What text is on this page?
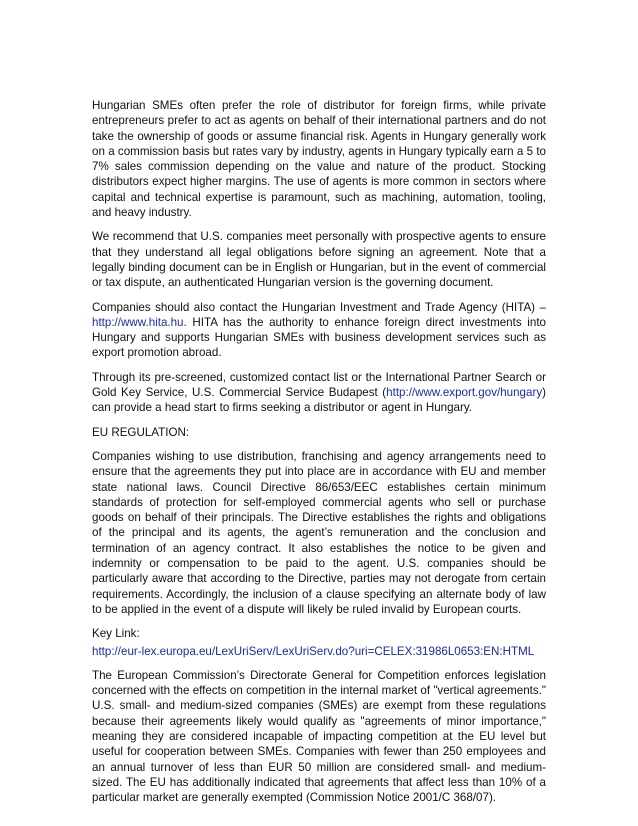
Hungarian SMEs often prefer the role of distributor for foreign firms, while private entrepreneurs prefer to act as agents on behalf of their international partners and do not take the ownership of goods or assume financial risk. Agents in Hungary generally work on a commission basis but rates vary by industry, agents in Hungary typically earn a 5 to 7% sales commission depending on the value and nature of the product. Stocking distributors expect higher margins. The use of agents is more common in sectors where capital and technical expertise is paramount, such as machining, automation, tooling, and heavy industry.

We recommend that U.S. companies meet personally with prospective agents to ensure that they understand all legal obligations before signing an agreement. Note that a legally binding document can be in English or Hungarian, but in the event of commercial or tax dispute, an authenticated Hungarian version is the governing document.

Companies should also contact the Hungarian Investment and Trade Agency (HITA) – http://www.hita.hu. HITA has the authority to enhance foreign direct investments into Hungary and supports Hungarian SMEs with business development services such as export promotion abroad.

Through its pre-screened, customized contact list or the International Partner Search or Gold Key Service, U.S. Commercial Service Budapest (http://www.export.gov/hungary) can provide a head start to firms seeking a distributor or agent in Hungary.

EU REGULATION:

Companies wishing to use distribution, franchising and agency arrangements need to ensure that the agreements they put into place are in accordance with EU and member state national laws. Council Directive 86/653/EEC establishes certain minimum standards of protection for self-employed commercial agents who sell or purchase goods on behalf of their principals. The Directive establishes the rights and obligations of the principal and its agents, the agent’s remuneration and the conclusion and termination of an agency contract. It also establishes the notice to be given and indemnity or compensation to be paid to the agent. U.S. companies should be particularly aware that according to the Directive, parties may not derogate from certain requirements. Accordingly, the inclusion of a clause specifying an alternate body of law to be applied in the event of a dispute will likely be ruled invalid by European courts.

Key Link:

http://eur-lex.europa.eu/LexUriServ/LexUriServ.do?uri=CELEX:31986L0653:EN:HTML

The European Commission’s Directorate General for Competition enforces legislation concerned with the effects on competition in the internal market of "vertical agreements." U.S. small- and medium-sized companies (SMEs) are exempt from these regulations because their agreements likely would qualify as "agreements of minor importance," meaning they are considered incapable of impacting competition at the EU level but useful for cooperation between SMEs. Companies with fewer than 250 employees and an annual turnover of less than EUR 50 million are considered small- and medium-sized. The EU has additionally indicated that agreements that affect less than 10% of a particular market are generally exempted (Commission Notice 2001/C 368/07).
